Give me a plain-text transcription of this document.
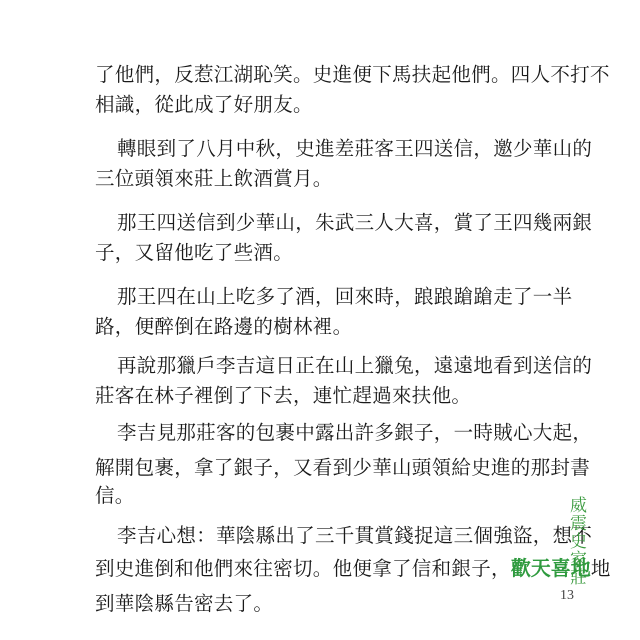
了他們，反惹江湖恥笑。史進便下馬扶起他們。四人不打不
相識，從此成了好朋友。
轉眼到了八月中秋，史進差莊客王四送信，邀少華山的
三位頭領來莊上飲酒賞月。
那王四送信到少華山，朱武三人大喜，賞了王四幾兩銀
子，又留他吃了些酒。
那王四在山上吃多了酒，回來時，踉踉蹌蹌走了一半
路，便醉倒在路邊的樹林裡。
再說那獵戶李吉這日正在山上獵兔，遠遠地看到送信的
莊客在林子裡倒了下去，連忙趕過來扶他。
李吉見那莊客的包裹中露出許多銀子，一時賊心大起，
解開包裹，拿了銀子，又看到少華山頭領給史進的那封書
信。
李吉心想：華陰縣出了三千貫賞錢捉這三個強盜，想不
到史進倒和他們來往密切。他便拿了信和銀子，歡天喜地地
到華陰縣告密去了。
威震史家莊
13
